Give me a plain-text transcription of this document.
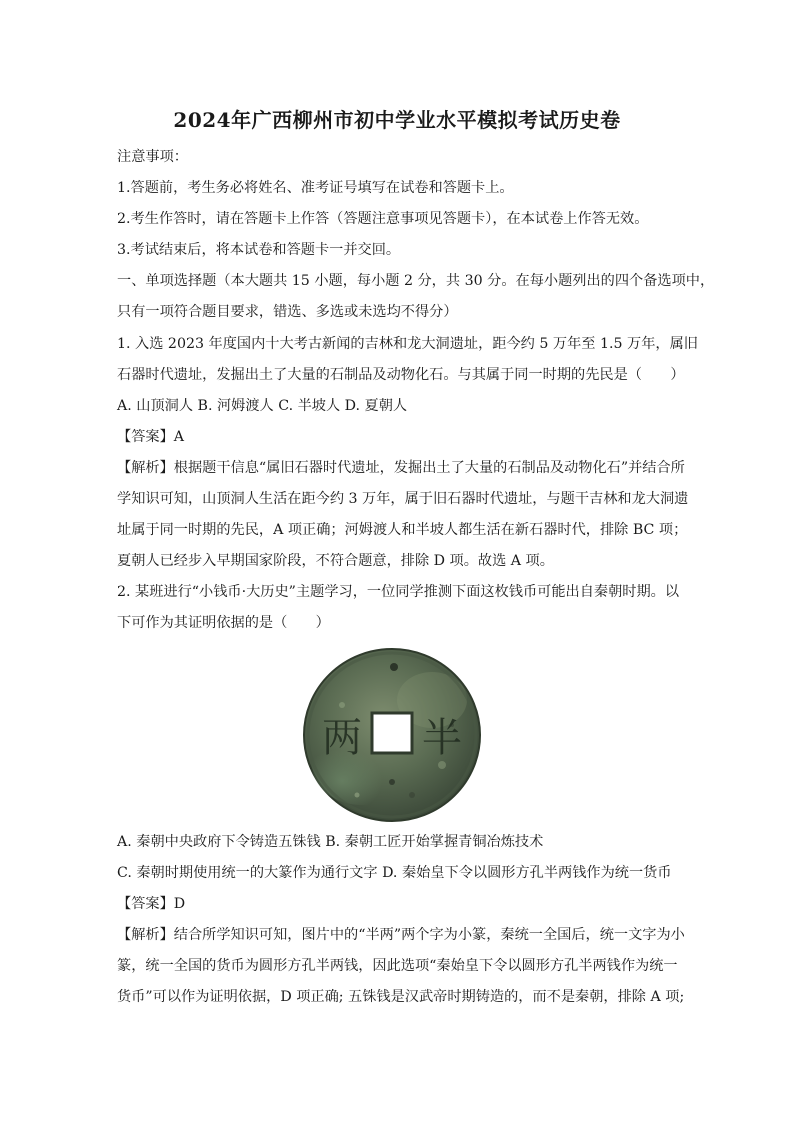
2024年广西柳州市初中学业水平模拟考试历史卷
注意事项：
1.答题前，考生务必将姓名、准考证号填写在试卷和答题卡上。
2.考生作答时，请在答题卡上作答（答题注意事项见答题卡），在本试卷上作答无效。
3.考试结束后，将本试卷和答题卡一并交回。
一、单项选择题（本大题共 15 小题，每小题 2 分，共 30 分。在每小题列出的四个备选项中，
只有一项符合题目要求，错选、多选或未选均不得分）
1. 入选 2023 年度国内十大考古新闻的吉林和龙大洞遗址，距今约 5 万年至 1.5 万年，属旧
石器时代遗址，发掘出土了大量的石制品及动物化石。与其属于同一时期的先民是（　　）
A. 山顶洞人 B. 河姆渡人 C. 半坡人 D. 夏朝人
【答案】A
【解析】根据题干信息“属旧石器时代遗址，发掘出土了大量的石制品及动物化石”并结合所
学知识可知，山顶洞人生活在距今约 3 万年，属于旧石器时代遗址，与题干吉林和龙大洞遗
址属于同一时期的先民，A 项正确；河姆渡人和半坡人都生活在新石器时代，排除 BC 项；
夏朝人已经步入早期国家阶段，不符合题意，排除 D 项。故选 A 项。
2. 某班进行“小钱币·大历史”主题学习，一位同学推测下面这枚钱币可能出自秦朝时期。以
下可作为其证明依据的是（　　）
两 半
A. 秦朝中央政府下令铸造五铢钱 B. 秦朝工匠开始掌握青铜冶炼技术
C. 秦朝时期使用统一的大篆作为通行文字 D. 秦始皇下令以圆形方孔半两钱作为统一货币
【答案】D
【解析】结合所学知识可知，图片中的“半两”两个字为小篆，秦统一全国后，统一文字为小
篆，统一全国的货币为圆形方孔半两钱，因此选项“秦始皇下令以圆形方孔半两钱作为统一
货币”可以作为证明依据，D 项正确; 五铢钱是汉武帝时期铸造的，而不是秦朝，排除 A 项;
